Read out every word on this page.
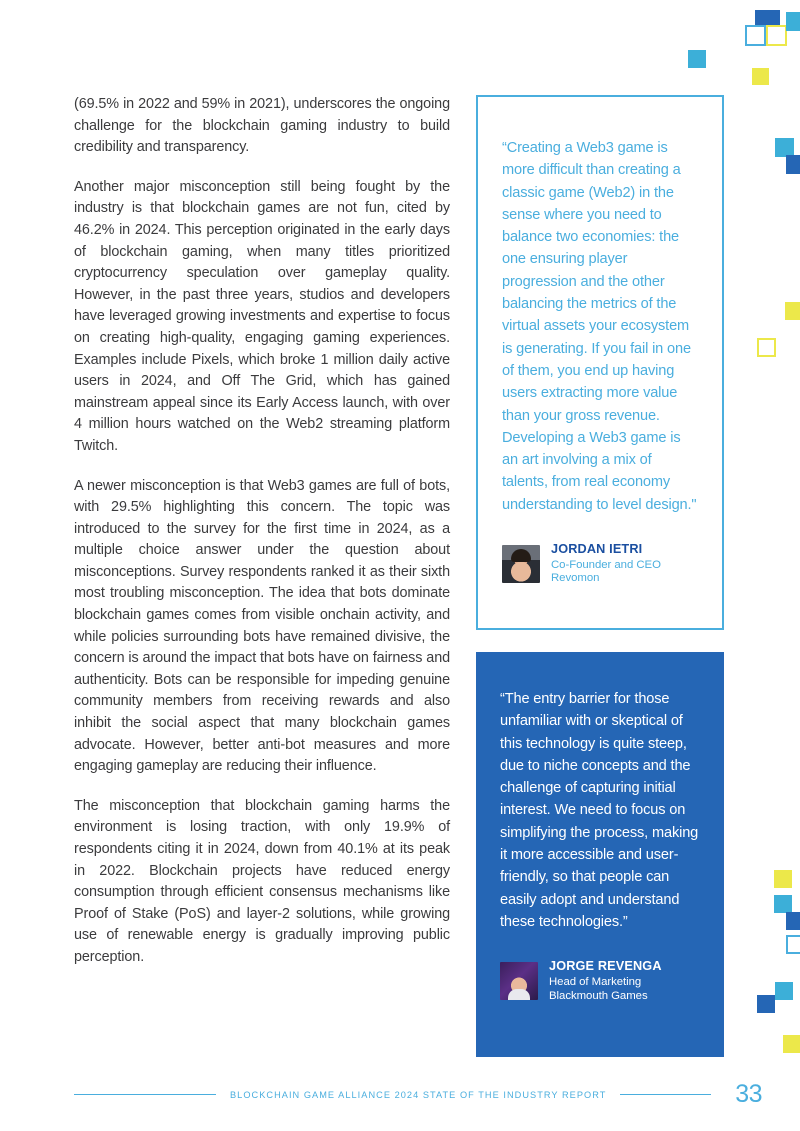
(69.5% in 2022 and 59% in 2021), underscores the ongoing challenge for the blockchain gaming industry to build credibility and transparency.

Another major misconception still being fought by the industry is that blockchain games are not fun, cited by 46.2% in 2024. This perception originated in the early days of blockchain gaming, when many titles prioritized cryptocurrency speculation over gameplay quality. However, in the past three years, studios and developers have leveraged growing investments and expertise to focus on creating high-quality, engaging gaming experiences. Examples include Pixels, which broke 1 million daily active users in 2024, and Off The Grid, which has gained mainstream appeal since its Early Access launch, with over 4 million hours watched on the Web2 streaming platform Twitch.

A newer misconception is that Web3 games are full of bots, with 29.5% highlighting this concern. The topic was introduced to the survey for the first time in 2024, as a multiple choice answer under the question about misconceptions. Survey respondents ranked it as their sixth most troubling misconception. The idea that bots dominate blockchain games comes from visible onchain activity, and while policies surrounding bots have remained divisive, the concern is around the impact that bots have on fairness and authenticity. Bots can be responsible for impeding genuine community members from receiving rewards and also inhibit the social aspect that many blockchain games advocate. However, better anti-bot measures and more engaging gameplay are reducing their influence.

The misconception that blockchain gaming harms the environment is losing traction, with only 19.9% of respondents citing it in 2024, down from 40.1% at its peak in 2022. Blockchain projects have reduced energy consumption through efficient consensus mechanisms like Proof of Stake (PoS) and layer-2 solutions, while growing use of renewable energy is gradually improving public perception.

“Creating a Web3 game is more difficult than creating a classic game (Web2) in the sense where you need to balance two economies: the one ensuring player progression and the other balancing the metrics of the virtual assets your ecosystem is generating. If you fail in one of them, you end up having users extracting more value than your gross revenue. Developing a Web3 game is an art involving a mix of talents, from real economy understanding to level design."
JORDAN IETRI
Co-Founder and CEO
Revomon
“The entry barrier for those unfamiliar with or skeptical of this technology is quite steep, due to niche concepts and the challenge of capturing initial interest. We need to focus on simplifying the process, making it more accessible and user-friendly, so that people can easily adopt and understand these technologies.”
JORGE REVENGA
Head of Marketing
Blackmouth Games
BLOCKCHAIN GAME ALLIANCE 2024 STATE OF THE INDUSTRY REPORT	33
